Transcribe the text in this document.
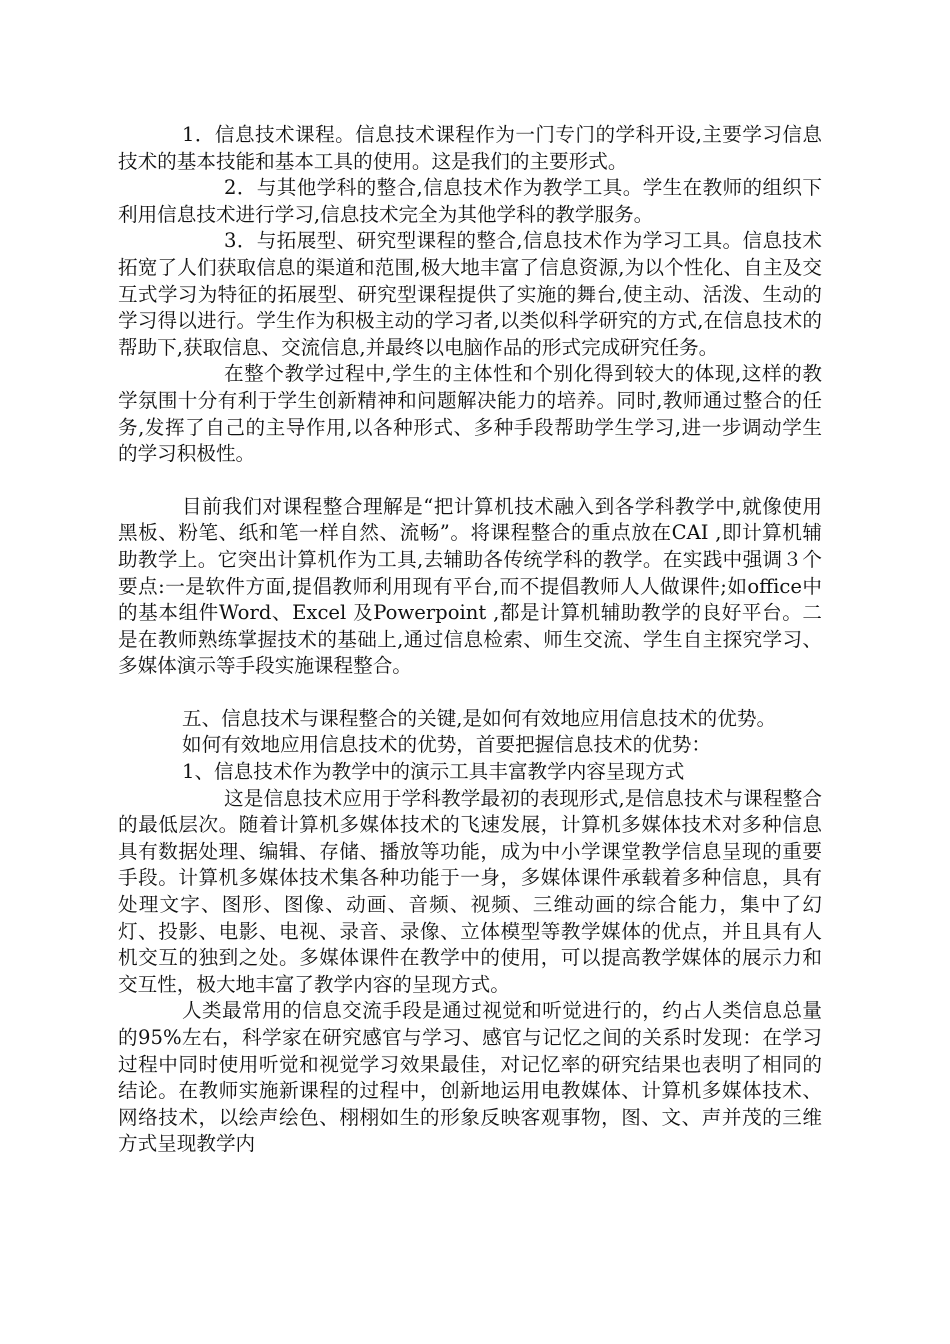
1．信息技术课程。信息技术课程作为一门专门的学科开设,主要学习信息技术的基本技能和基本工具的使用。这是我们的主要形式。

2．与其他学科的整合,信息技术作为教学工具。学生在教师的组织下利用信息技术进行学习,信息技术完全为其他学科的教学服务。

3．与拓展型、研究型课程的整合,信息技术作为学习工具。信息技术拓宽了人们获取信息的渠道和范围,极大地丰富了信息资源,为以个性化、自主及交互式学习为特征的拓展型、研究型课程提供了实施的舞台,使主动、活泼、生动的学习得以进行。学生作为积极主动的学习者,以类似科学研究的方式,在信息技术的帮助下,获取信息、交流信息,并最终以电脑作品的形式完成研究任务。

在整个教学过程中,学生的主体性和个别化得到较大的体现,这样的教学氛围十分有利于学生创新精神和问题解决能力的培养。同时,教师通过整合的任务,发挥了自己的主导作用,以各种形式、多种手段帮助学生学习,进一步调动学生的学习积极性。

目前我们对课程整合理解是“把计算机技术融入到各学科教学中,就像使用黑板、粉笔、纸和笔一样自然、流畅”。将课程整合的重点放在CAI ,即计算机辅助教学上。它突出计算机作为工具,去辅助各传统学科的教学。在实践中强调３个要点:一是软件方面,提倡教师利用现有平台,而不提倡教师人人做课件;如office中的基本组件Word、Excel 及Powerpoint ,都是计算机辅助教学的良好平台。二是在教师熟练掌握技术的基础上,通过信息检索、师生交流、学生自主探究学习、多媒体演示等手段实施课程整合。

五、信息技术与课程整合的关键,是如何有效地应用信息技术的优势。

如何有效地应用信息技术的优势，首要把握信息技术的优势：

1、信息技术作为教学中的演示工具丰富教学内容呈现方式

这是信息技术应用于学科教学最初的表现形式,是信息技术与课程整合的最低层次。随着计算机多媒体技术的飞速发展，计算机多媒体技术对多种信息具有数据处理、编辑、存储、播放等功能，成为中小学课堂教学信息呈现的重要手段。计算机多媒体技术集各种功能于一身，多媒体课件承载着多种信息，具有处理文字、图形、图像、动画、音频、视频、三维动画的综合能力，集中了幻灯、投影、电影、电视、录音、录像、立体模型等教学媒体的优点，并且具有人机交互的独到之处。多媒体课件在教学中的使用，可以提高教学媒体的展示力和交互性，极大地丰富了教学内容的呈现方式。

人类最常用的信息交流手段是通过视觉和听觉进行的，约占人类信息总量的95%左右，科学家在研究感官与学习、感官与记忆之间的关系时发现：在学习过程中同时使用听觉和视觉学习效果最佳，对记忆率的研究结果也表明了相同的结论。在教师实施新课程的过程中，创新地运用电教媒体、计算机多媒体技术、网络技术，以绘声绘色、栩栩如生的形象反映客观事物，图、文、声并茂的三维方式呈现教学内
